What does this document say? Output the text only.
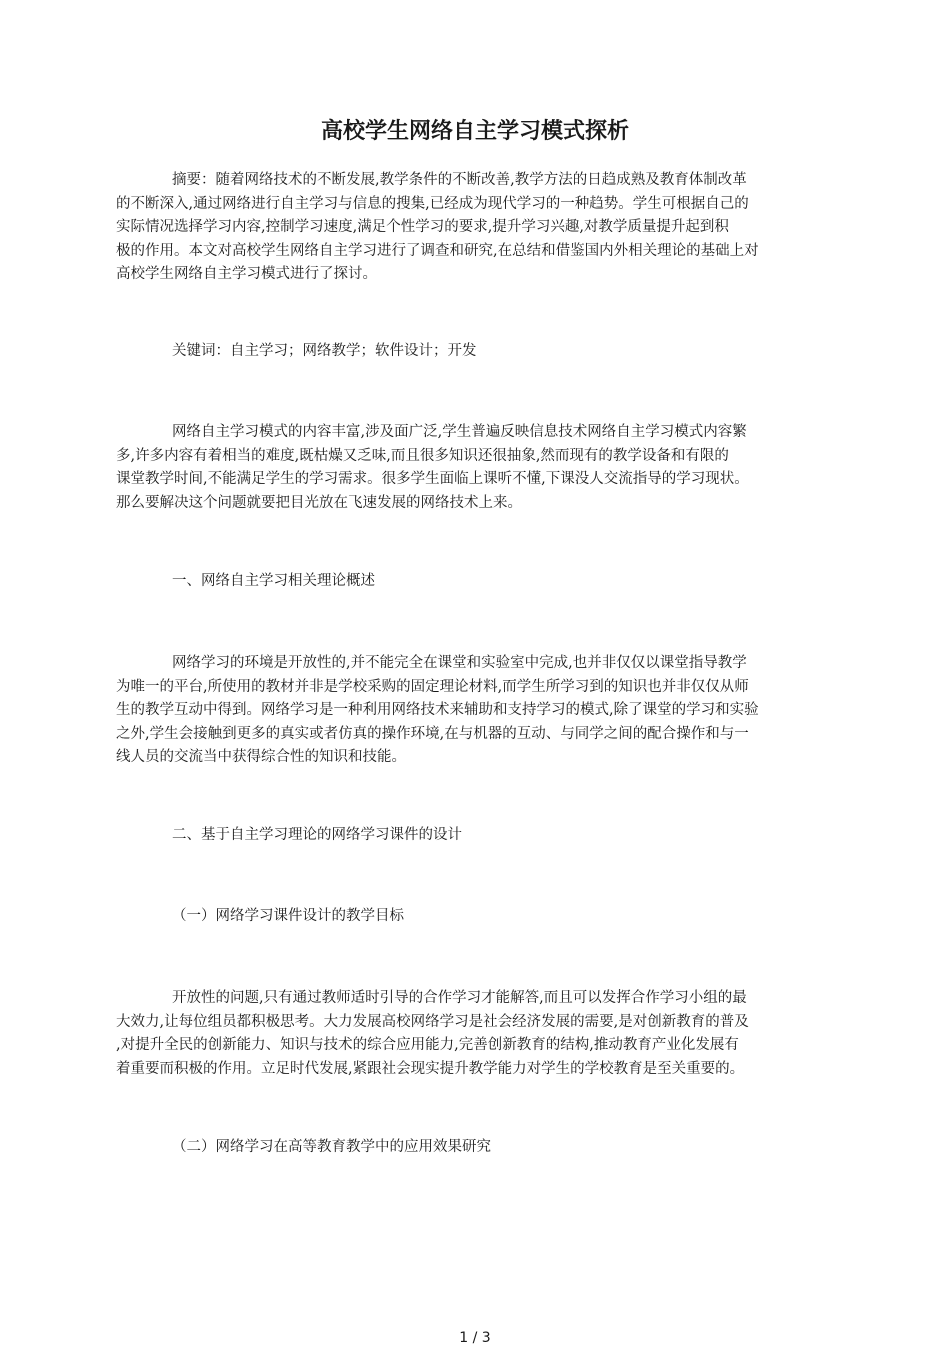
高校学生网络自主学习模式探析
摘要：随着网络技术的不断发展,教学条件的不断改善,教学方法的日趋成熟及教育体制改革
的不断深入,通过网络进行自主学习与信息的搜集,已经成为现代学习的一种趋势。学生可根据自己的
实际情况选择学习内容,控制学习速度,满足个性学习的要求,提升学习兴趣,对教学质量提升起到积
极的作用。本文对高校学生网络自主学习进行了调查和研究,在总结和借鉴国内外相关理论的基础上对
高校学生网络自主学习模式进行了探讨。
关键词：自主学习；网络教学；软件设计；开发
网络自主学习模式的内容丰富,涉及面广泛,学生普遍反映信息技术网络自主学习模式内容繁
多,许多内容有着相当的难度,既枯燥又乏味,而且很多知识还很抽象,然而现有的教学设备和有限的
课堂教学时间,不能满足学生的学习需求。很多学生面临上课听不懂,下课没人交流指导的学习现状。
那么要解决这个问题就要把目光放在飞速发展的网络技术上来。
一、网络自主学习相关理论概述
网络学习的环境是开放性的,并不能完全在课堂和实验室中完成,也并非仅仅以课堂指导教学
为唯一的平台,所使用的教材并非是学校采购的固定理论材料,而学生所学习到的知识也并非仅仅从师
生的教学互动中得到。网络学习是一种利用网络技术来辅助和支持学习的模式,除了课堂的学习和实验
之外,学生会接触到更多的真实或者仿真的操作环境,在与机器的互动、与同学之间的配合操作和与一
线人员的交流当中获得综合性的知识和技能。
二、基于自主学习理论的网络学习课件的设计
（一）网络学习课件设计的教学目标
开放性的问题,只有通过教师适时引导的合作学习才能解答,而且可以发挥合作学习小组的最
大效力,让每位组员都积极思考。大力发展高校网络学习是社会经济发展的需要,是对创新教育的普及
,对提升全民的创新能力、知识与技术的综合应用能力,完善创新教育的结构,推动教育产业化发展有
着重要而积极的作用。立足时代发展,紧跟社会现实提升教学能力对学生的学校教育是至关重要的。
（二）网络学习在高等教育教学中的应用效果研究
1 / 3
